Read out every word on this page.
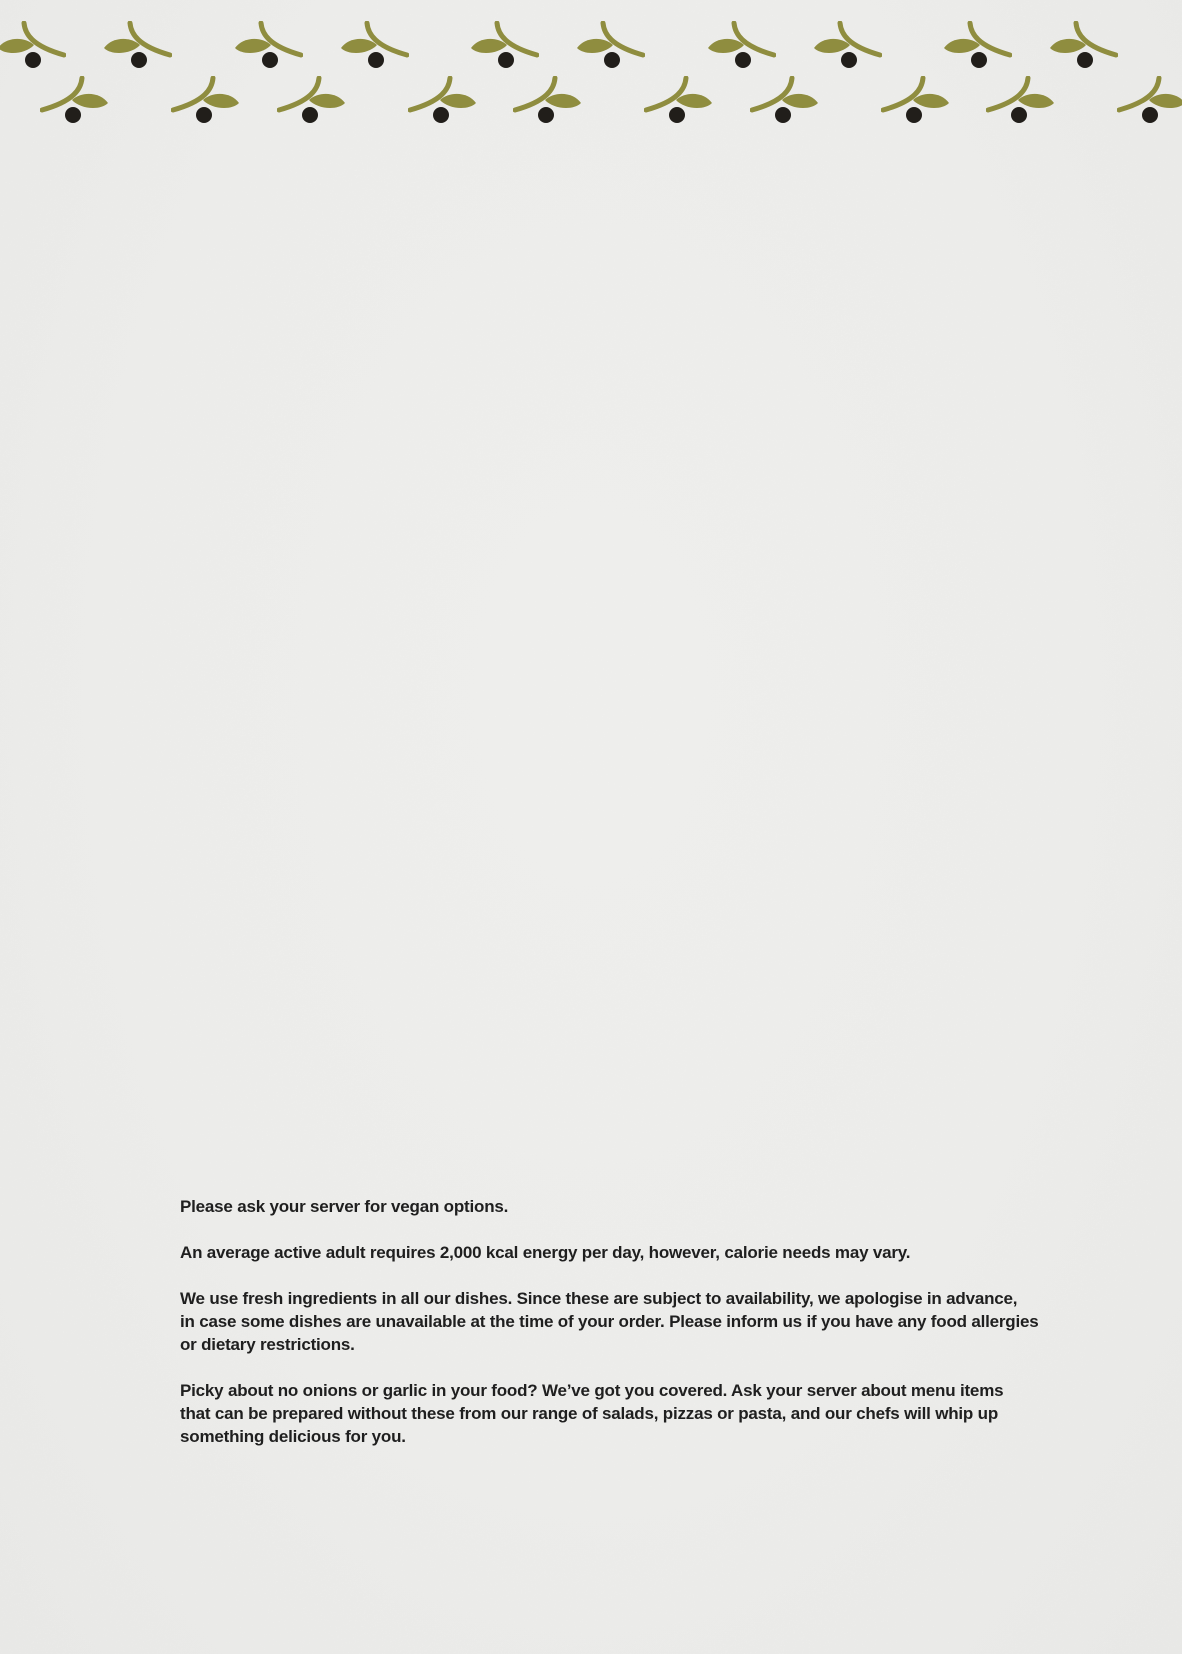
Please ask your server for vegan options.

An average active adult requires 2,000 kcal energy per day, however, calorie needs may vary.

We use fresh ingredients in all our dishes. Since these are subject to availability, we apologise in advance,
in case some dishes are unavailable at the time of your order. Please inform us if you have any food allergies
or dietary restrictions.

Picky about no onions or garlic in your food? We’ve got you covered. Ask your server about menu items
that can be prepared without these from our range of salads, pizzas or pasta, and our chefs will whip up
something delicious for you.
